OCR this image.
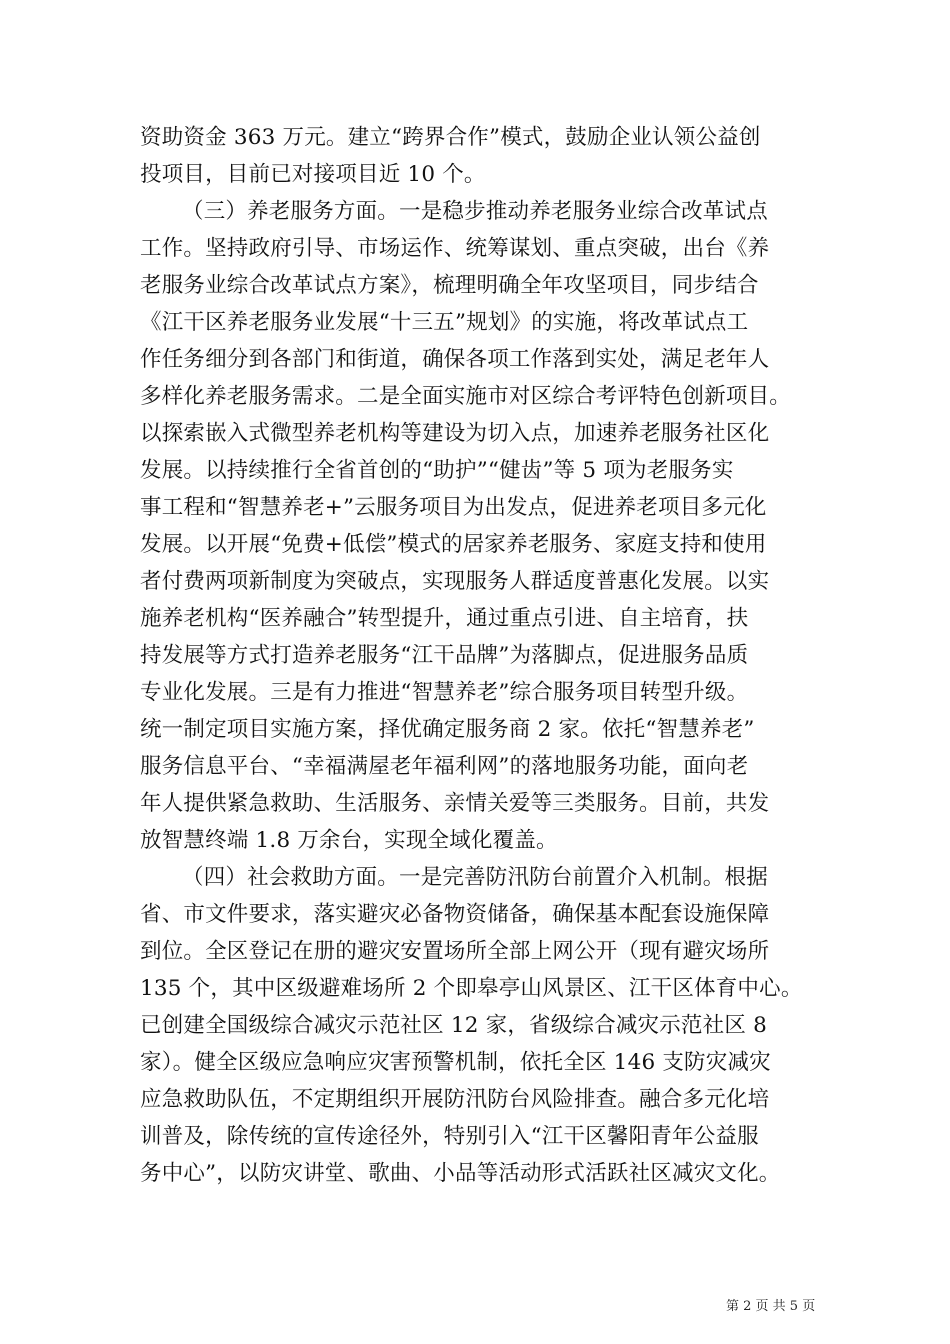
资助资金 363 万元。建立“跨界合作”模式，鼓励企业认领公益创
投项目，目前已对接项目近 10 个。
（三）养老服务方面。一是稳步推动养老服务业综合改革试点
工作。坚持政府引导、市场运作、统筹谋划、重点突破，出台《养
老服务业综合改革试点方案》，梳理明确全年攻坚项目，同步结合
《江干区养老服务业发展“十三五”规划》的实施，将改革试点工
作任务细分到各部门和街道，确保各项工作落到实处，满足老年人
多样化养老服务需求。二是全面实施市对区综合考评特色创新项目。
以探索嵌入式微型养老机构等建设为切入点，加速养老服务社区化
发展。以持续推行全省首创的“助护”“健齿”等 5 项为老服务实
事工程和“智慧养老+”云服务项目为出发点，促进养老项目多元化
发展。以开展“免费+低偿”模式的居家养老服务、家庭支持和使用
者付费两项新制度为突破点，实现服务人群适度普惠化发展。以实
施养老机构“医养融合”转型提升，通过重点引进、自主培育，扶
持发展等方式打造养老服务“江干品牌”为落脚点，促进服务品质
专业化发展。三是有力推进“智慧养老”综合服务项目转型升级。
统一制定项目实施方案，择优确定服务商 2 家。依托“智慧养老”
服务信息平台、“幸福满屋老年福利网”的落地服务功能，面向老
年人提供紧急救助、生活服务、亲情关爱等三类服务。目前，共发
放智慧终端 1.8 万余台，实现全域化覆盖。
（四）社会救助方面。一是完善防汛防台前置介入机制。根据
省、市文件要求，落实避灾必备物资储备，确保基本配套设施保障
到位。全区登记在册的避灾安置场所全部上网公开（现有避灾场所
135 个，其中区级避难场所 2 个即皋亭山风景区、江干区体育中心。
已创建全国级综合减灾示范社区 12 家，省级综合减灾示范社区 8
家）。健全区级应急响应灾害预警机制，依托全区 146 支防灾减灾
应急救助队伍，不定期组织开展防汛防台风险排查。融合多元化培
训普及，除传统的宣传途径外，特别引入“江干区馨阳青年公益服
务中心”，以防灾讲堂、歌曲、小品等活动形式活跃社区减灾文化。
第 2 页 共 5 页
